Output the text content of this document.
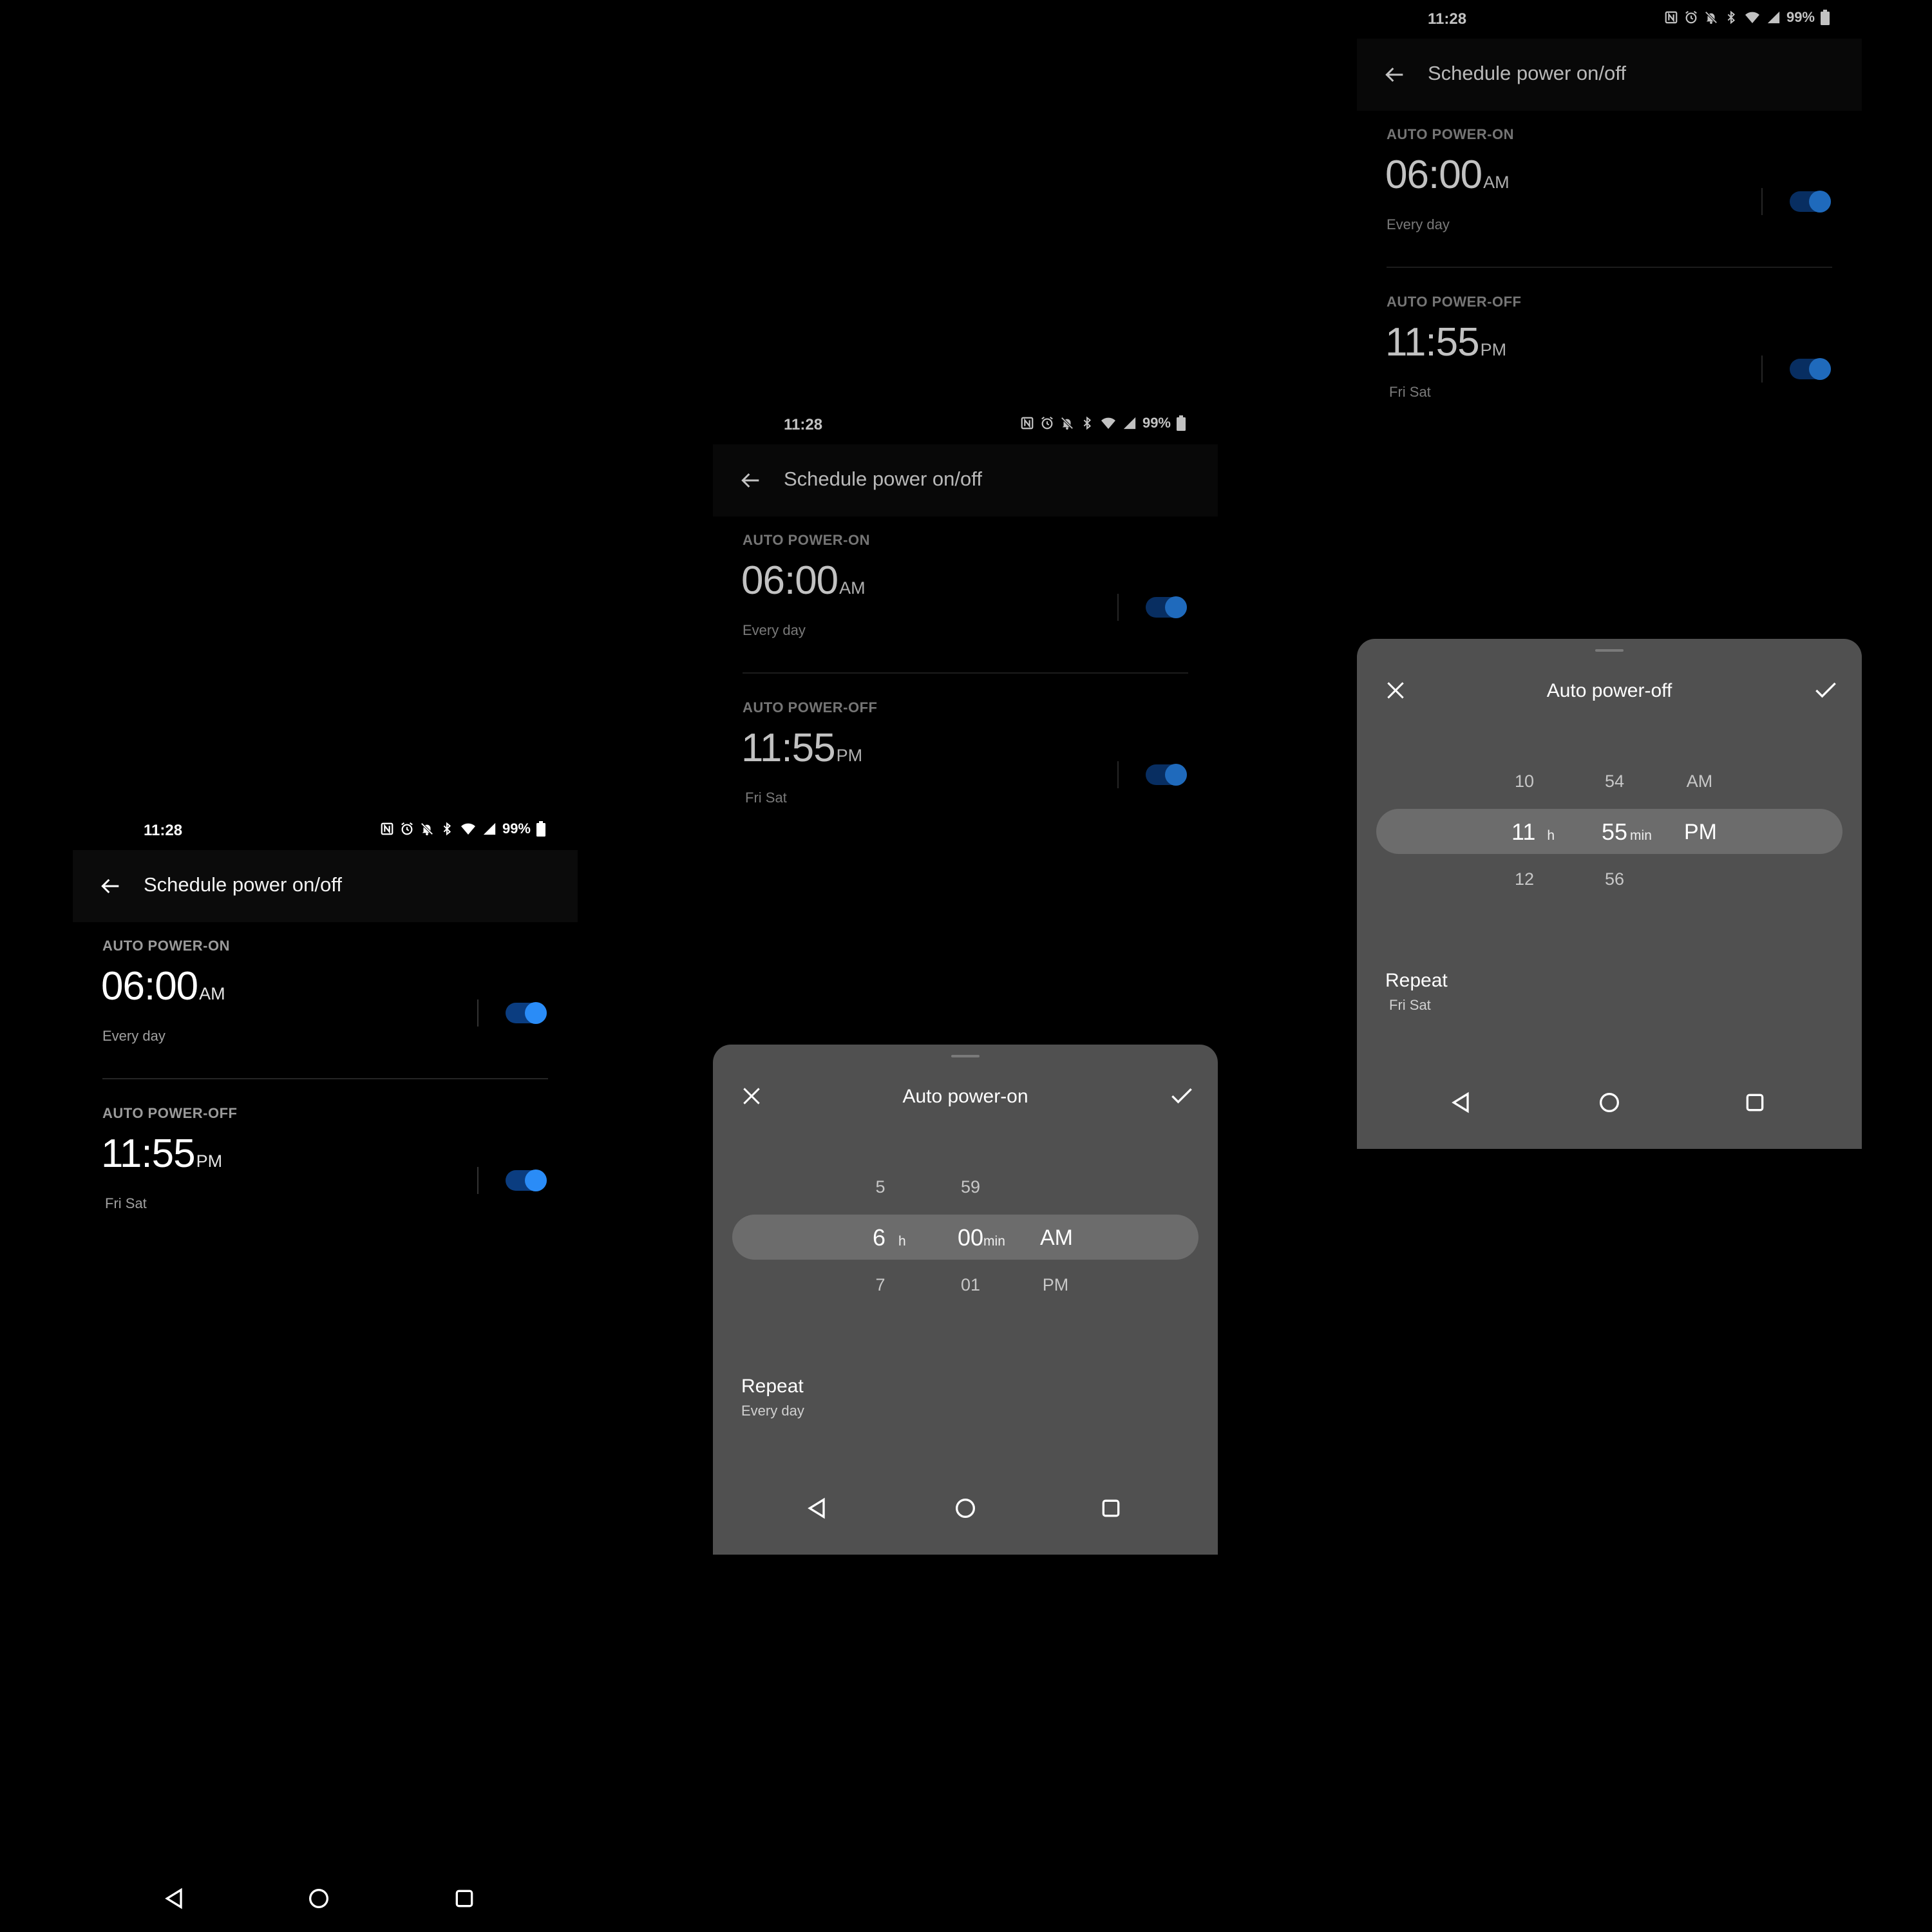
11:28	99%
Schedule power on/off
AUTO POWER-ON
06:00AM
Every day
AUTO POWER-OFF
11:55PM
Fri Sat
11:28	99%
Schedule power on/off
AUTO POWER-ON
06:00AM
Every day
AUTO POWER-OFF
11:55PM
Fri Sat
Auto power-on
5	59
6 h 00min AM
7	01	PM
Repeat
Every day
11:28	99%
Schedule power on/off
AUTO POWER-ON
06:00AM
Every day
AUTO POWER-OFF
11:55PM
Fri Sat
Auto power-off
10	54	AM
11 h 55 min PM
12	56
Repeat
Fri Sat
